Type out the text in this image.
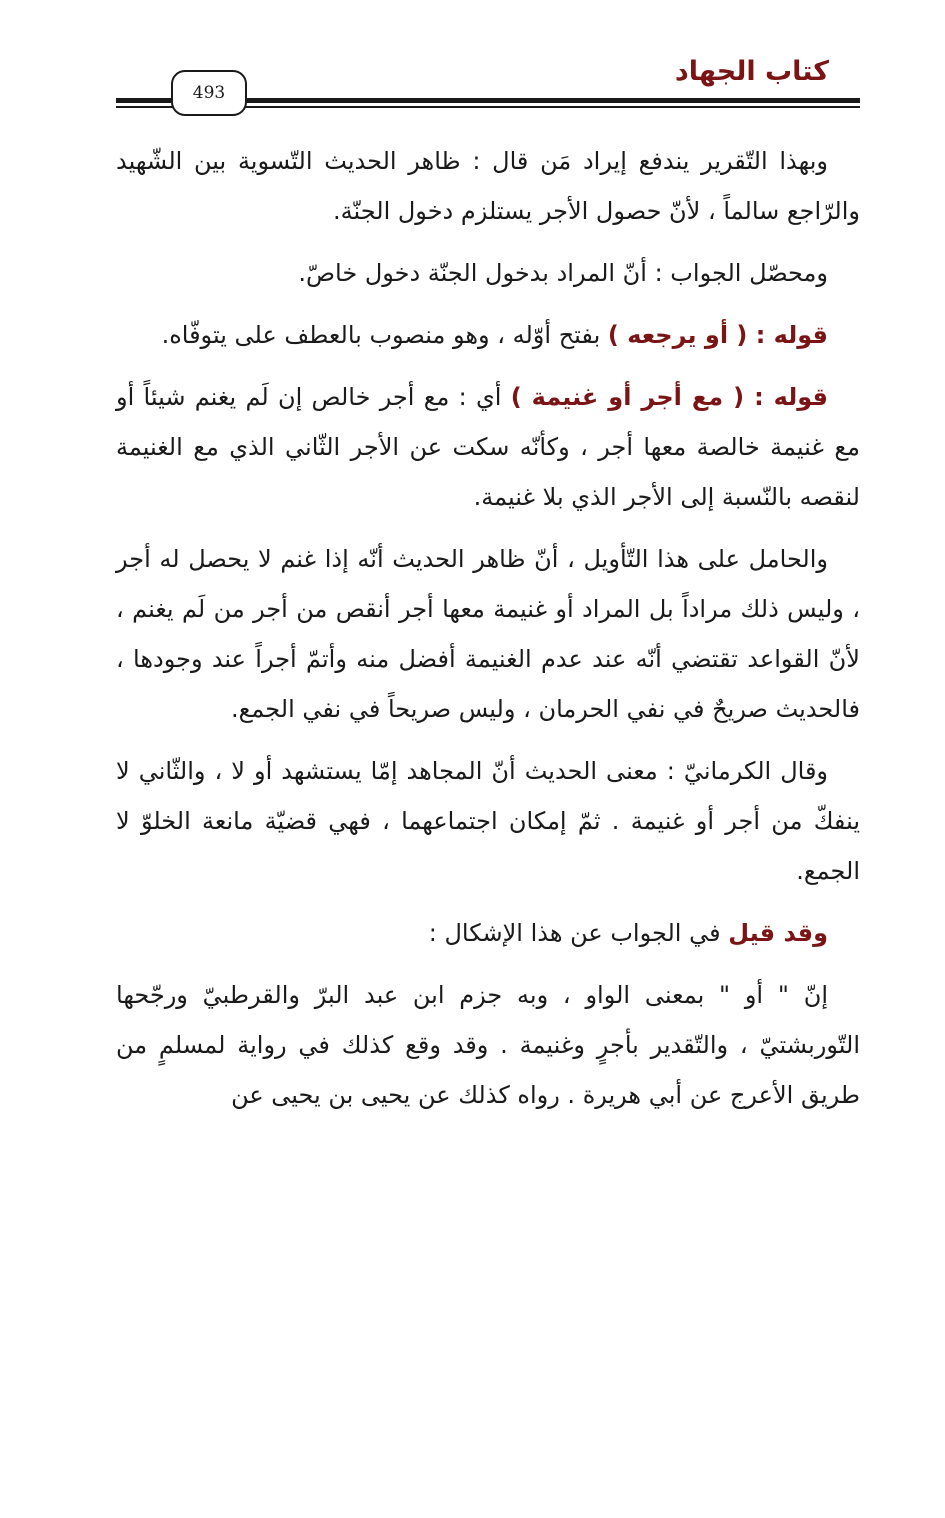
كتاب الجهاد
493

وبهذا التّقرير يندفع إيراد مَن قال : ظاهر الحديث التّسوية بين الشّهيد والرّاجع سالماً ، لأنّ حصول الأجر يستلزم دخول الجنّة.

ومحصّل الجواب : أنّ المراد بدخول الجنّة دخول خاصّ.

قوله : ( أو يرجعه ) بفتح أوّله ، وهو منصوب بالعطف على يتوفّاه.

قوله : ( مع أجر أو غنيمة ) أي : مع أجر خالص إن لَم يغنم شيئاً أو مع غنيمة خالصة معها أجر ، وكأنّه سكت عن الأجر الثّاني الذي مع الغنيمة لنقصه بالنّسبة إلى الأجر الذي بلا غنيمة.

والحامل على هذا التّأويل ، أنّ ظاهر الحديث أنّه إذا غنم لا يحصل له أجر ، وليس ذلك مراداً بل المراد أو غنيمة معها أجر أنقص من أجر من لَم يغنم ، لأنّ القواعد تقتضي أنّه عند عدم الغنيمة أفضل منه وأتمّ أجراً عند وجودها ، فالحديث صريحٌ في نفي الحرمان ، وليس صريحاً في نفي الجمع.

وقال الكرمانيّ : معنى الحديث أنّ المجاهد إمّا يستشهد أو لا ، والثّاني لا ينفكّ من أجر أو غنيمة . ثمّ إمكان اجتماعهما ، فهي قضيّة مانعة الخلوّ لا الجمع.

وقد قيل في الجواب عن هذا الإشكال :

إنّ " أو " بمعنى الواو ، وبه جزم ابن عبد البرّ والقرطبيّ ورجّحها التّوربشتيّ ، والتّقدير بأجرٍ وغنيمة . وقد وقع كذلك في رواية لمسلمٍ من طريق الأعرج عن أبي هريرة . رواه كذلك عن يحيى بن يحيى عن
